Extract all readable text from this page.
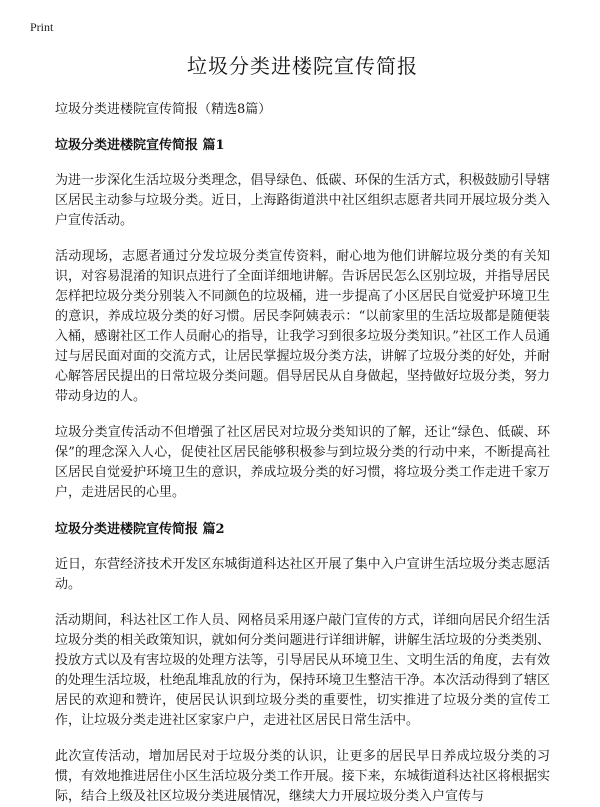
Print
垃圾分类进楼院宣传简报
垃圾分类进楼院宣传简报（精选8篇）
垃圾分类进楼院宣传简报 篇1

为进一步深化生活垃圾分类理念，倡导绿色、低碳、环保的生活方式，积极鼓励引导辖区居民主动参与垃圾分类。近日，上海路街道洪中社区组织志愿者共同开展垃圾分类入户宣传活动。

活动现场，志愿者通过分发垃圾分类宣传资料，耐心地为他们讲解垃圾分类的有关知识，对容易混淆的知识点进行了全面详细地讲解。告诉居民怎么区别垃圾，并指导居民怎样把垃圾分类分别装入不同颜色的垃圾桶，进一步提高了小区居民自觉爱护环境卫生的意识，养成垃圾分类的好习惯。居民李阿姨表示：“以前家里的生活垃圾都是随便装入桶，感谢社区工作人员耐心的指导，让我学习到很多垃圾分类知识。”社区工作人员通过与居民面对面的交流方式，让居民掌握垃圾分类方法，讲解了垃圾分类的好处，并耐心解答居民提出的日常垃圾分类问题。倡导居民从自身做起，坚持做好垃圾分类，努力带动身边的人。

垃圾分类宣传活动不但增强了社区居民对垃圾分类知识的了解，还让“绿色、低碳、环保”的理念深入人心，促使社区居民能够积极参与到垃圾分类的行动中来，不断提高社区居民自觉爱护环境卫生的意识，养成垃圾分类的好习惯，将垃圾分类工作走进千家万户，走进居民的心里。

垃圾分类进楼院宣传简报 篇2

近日，东营经济技术开发区东城街道科达社区开展了集中入户宣讲生活垃圾分类志愿活动。

活动期间，科达社区工作人员、网格员采用逐户敲门宣传的方式，详细向居民介绍生活垃圾分类的相关政策知识，就如何分类问题进行详细讲解，讲解生活垃圾的分类类别、投放方式以及有害垃圾的处理方法等，引导居民从环境卫生、文明生活的角度，去有效的处理生活垃圾，杜绝乱堆乱放的行为，保持环境卫生整洁干净。本次活动得到了辖区居民的欢迎和赞许，使居民认识到垃圾分类的重要性，切实推进了垃圾分类的宣传工作，让垃圾分类走进社区家家户户，走进社区居民日常生活中。

此次宣传活动，增加居民对于垃圾分类的认识，让更多的居民早日养成垃圾分类的习惯，有效地推进居住小区生活垃圾分类工作开展。接下来，东城街道科达社区将根据实际，结合上级及社区垃圾分类进展情况，继续大力开展垃圾分类入户宣传与
